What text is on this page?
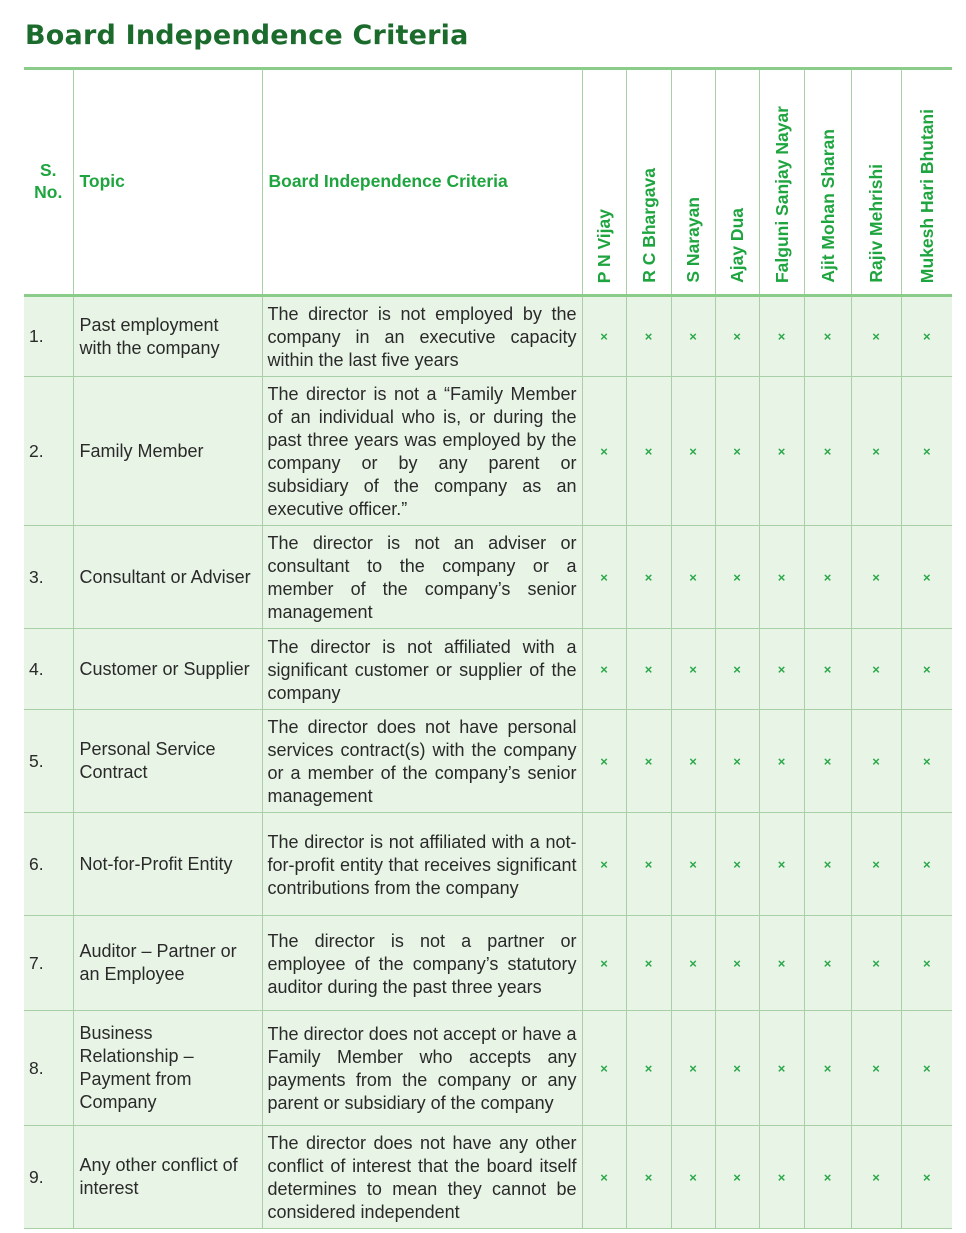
Board Independence Criteria
S.
No.	Topic	Board Independence Criteria	P N Vijay	R C Bhargava	S Narayan	Ajay Dua	Falguni Sanjay Nayar	Ajit Mohan Sharan	Rajiv Mehrishi	Mukesh Hari Bhutani
1.	Past employment with the company	The director is not employed by the company in an executive capacity within the last five years	×	×	×	×	×	×	×	×
2.	Family Member	The director is not a “Family Member of an individual who is, or during the past three years was employed by the company or by any parent or subsidiary of the company as an executive officer.”	×	×	×	×	×	×	×	×
3.	Consultant or Adviser	The director is not an adviser or consultant to the company or a member of the company’s senior management	×	×	×	×	×	×	×	×
4.	Customer or Supplier	The director is not affiliated with a significant customer or supplier of the company	×	×	×	×	×	×	×	×
5.	Personal Service Contract	The director does not have personal services contract(s) with the company or a member of the company’s senior management	×	×	×	×	×	×	×	×
6.	Not-for-Profit Entity	The director is not affiliated with a not-for-profit entity that receives significant contributions from the company	×	×	×	×	×	×	×	×
7.	Auditor – Partner or an Employee	The director is not a partner or employee of the company’s statutory auditor during the past three years	×	×	×	×	×	×	×	×
8.	Business Relationship – Payment from Company	The director does not accept or have a Family Member who accepts any payments from the company or any parent or subsidiary of the company	×	×	×	×	×	×	×	×
9.	Any other conflict of interest	The director does not have any other conflict of interest that the board itself determines to mean they cannot be considered independent	×	×	×	×	×	×	×	×
